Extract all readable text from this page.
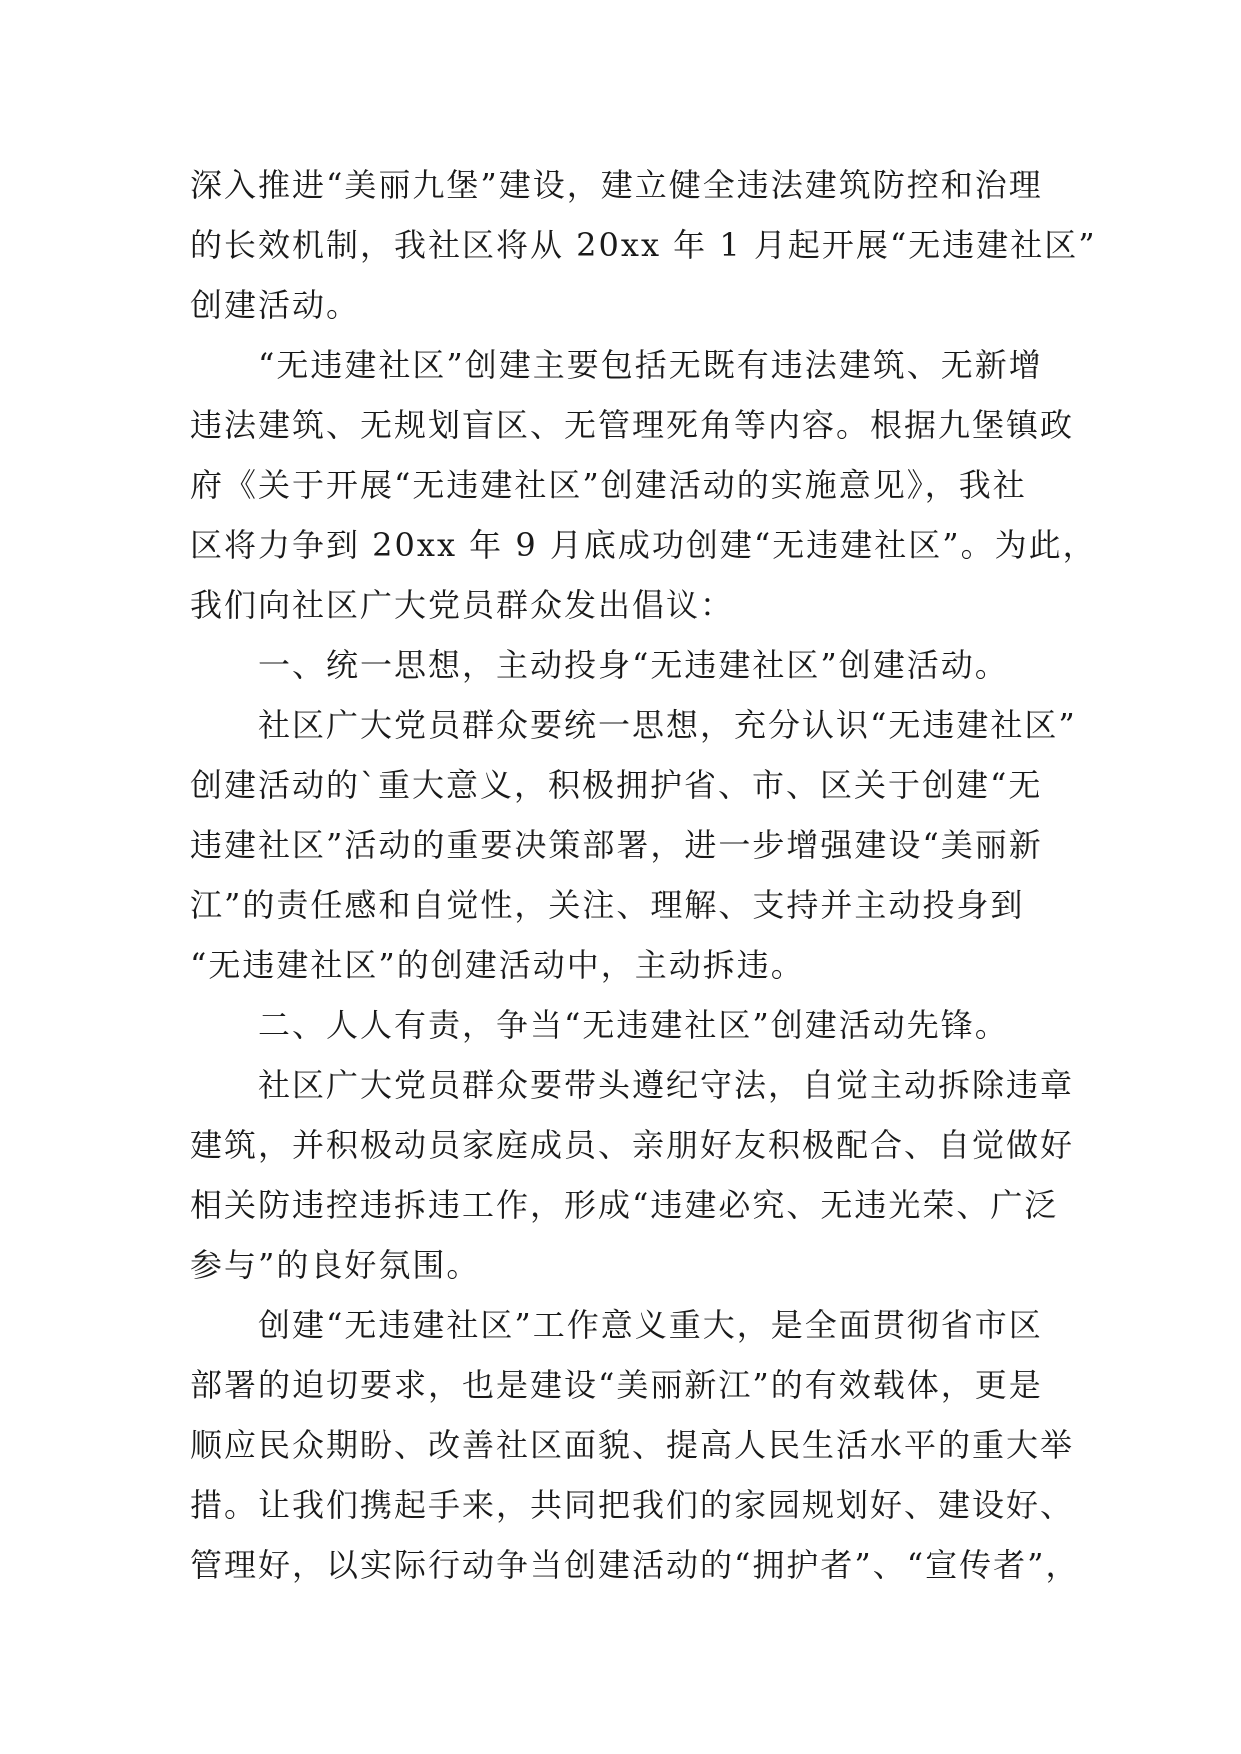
深入推进“美丽九堡”建设，建立健全违法建筑防控和治理
的长效机制，我社区将从 20xx 年 1 月起开展“无违建社区”
创建活动。
　　“无违建社区”创建主要包括无既有违法建筑、无新增
违法建筑、无规划盲区、无管理死角等内容。根据九堡镇政
府《关于开展“无违建社区”创建活动的实施意见》，我社
区将力争到 20xx 年 9 月底成功创建“无违建社区”。为此，
我们向社区广大党员群众发出倡议：
　　一、统一思想，主动投身“无违建社区”创建活动。
　　社区广大党员群众要统一思想，充分认识“无违建社区”
创建活动的`重大意义，积极拥护省、市、区关于创建“无
违建社区”活动的重要决策部署，进一步增强建设“美丽新
江”的责任感和自觉性，关注、理解、支持并主动投身到
“无违建社区”的创建活动中，主动拆违。
　　二、人人有责，争当“无违建社区”创建活动先锋。
　　社区广大党员群众要带头遵纪守法，自觉主动拆除违章
建筑，并积极动员家庭成员、亲朋好友积极配合、自觉做好
相关防违控违拆违工作，形成“违建必究、无违光荣、广泛
参与”的良好氛围。
　　创建“无违建社区”工作意义重大，是全面贯彻省市区
部署的迫切要求，也是建设“美丽新江”的有效载体，更是
顺应民众期盼、改善社区面貌、提高人民生活水平的重大举
措。让我们携起手来，共同把我们的家园规划好、建设好、
管理好，以实际行动争当创建活动的“拥护者”、“宣传者”，
